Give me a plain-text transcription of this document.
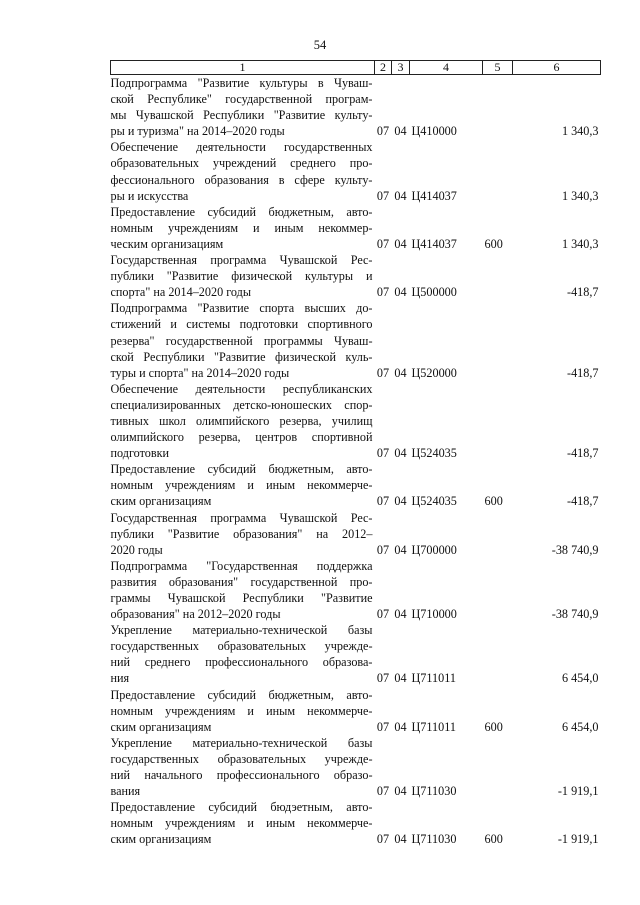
54
1	2	3	4	5	6

Подпрограмма "Развитие культуры в Чуваш-
ской Республике" государственной програм-
мы Чувашской Республики "Развитие культу-
ры и туризма" на 2014–2020 годы	07	04	Ц410000		1 340,3

Обеспечение деятельности государственных
образовательных учреждений среднего про-
фессионального образования в сфере культу-
ры и искусства	07	04	Ц414037		1 340,3

Предоставление субсидий бюджетным, авто-
номным учреждениям и иным некоммер-
ческим организациям	07	04	Ц414037	600	1 340,3

Государственная программа Чувашской Рес-
публики "Развитие физической культуры и
спорта" на 2014–2020 годы	07	04	Ц500000		-418,7

Подпрограмма "Развитие спорта высших до-
стижений и системы подготовки спортивного
резерва" государственной программы Чуваш-
ской Республики "Развитие физической куль-
туры и спорта" на 2014–2020 годы	07	04	Ц520000		-418,7

Обеспечение деятельности республиканских
специализированных детско-юношеских спор-
тивных школ олимпийского резерва, училищ
олимпийского резерва, центров спортивной
подготовки	07	04	Ц524035		-418,7

Предоставление субсидий бюджетным, авто-
номным учреждениям и иным некоммерче-
ским организациям	07	04	Ц524035	600	-418,7

Государственная программа Чувашской Рес-
публики "Развитие образования" на 2012–
2020 годы	07	04	Ц700000		-38 740,9

Подпрограмма "Государственная поддержка
развития образования" государственной про-
граммы Чувашской Республики "Развитие
образования" на 2012–2020 годы	07	04	Ц710000		-38 740,9

Укрепление материально-технической базы
государственных образовательных учрежде-
ний среднего профессионального образова-
ния	07	04	Ц711011		6 454,0

Предоставление субсидий бюджетным, авто-
номным учреждениям и иным некоммерче-
ским организациям	07	04	Ц711011	600	6 454,0

Укрепление материально-технической базы
государственных образовательных учрежде-
ний начального профессионального образо-
вания	07	04	Ц711030		-1 919,1

Предоставление субсидий бюдэетным, авто-
номным учреждениям и иным некоммерче-
ским организациям	07	04	Ц711030	600	-1 919,1
